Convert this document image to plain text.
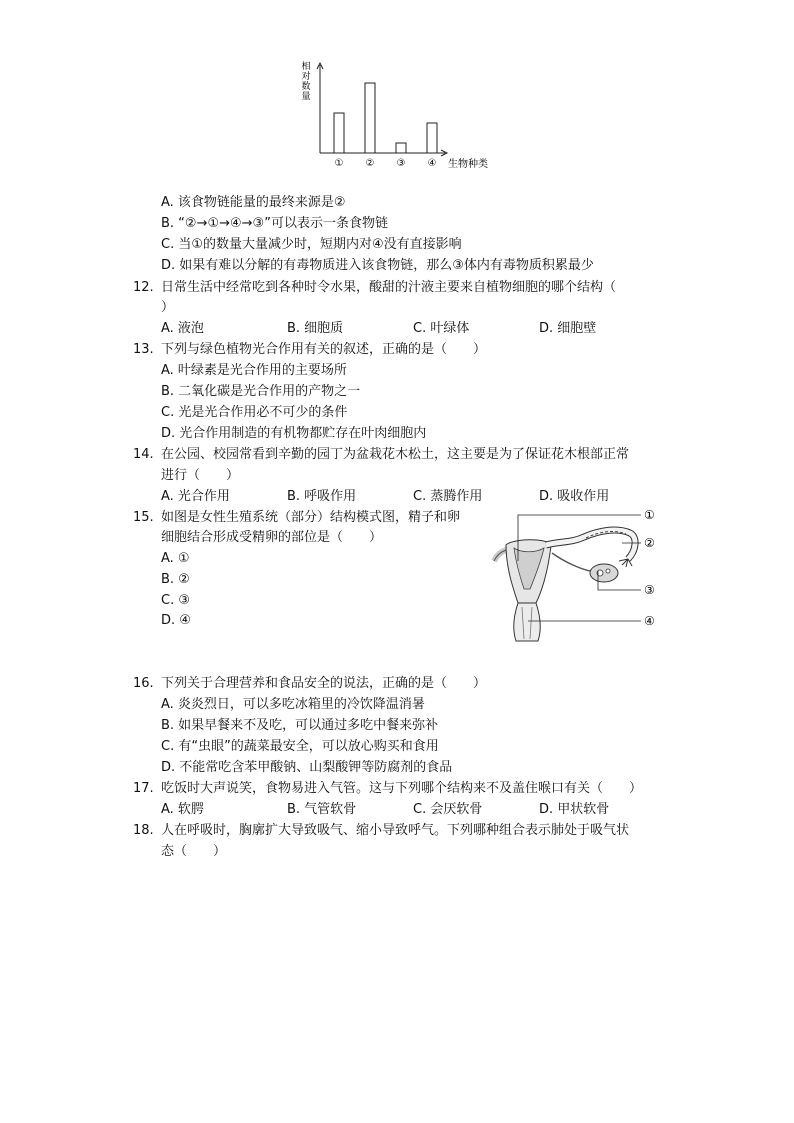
相
对
数
量
生物种类
① ② ③ ④
A. 该食物链能量的最终来源是②
B. “②→①→④→③”可以表示一条食物链
C. 当①的数量大量减少时，短期内对④没有直接影响
D. 如果有难以分解的有毒物质进入该食物链，那么③体内有毒物质积累最少
12. 日常生活中经常吃到各种时令水果，酸甜的汁液主要来自植物细胞的哪个结构（
）
A. 液泡	B. 细胞质	C. 叶绿体	D. 细胞壁
13. 下列与绿色植物光合作用有关的叙述，正确的是（　　）
A. 叶绿素是光合作用的主要场所
B. 二氧化碳是光合作用的产物之一
C. 光是光合作用必不可少的条件
D. 光合作用制造的有机物都贮存在叶肉细胞内
14. 在公园、校园常看到辛勤的园丁为盆栽花木松土，这主要是为了保证花木根部正常
进行（　　）
A. 光合作用	B. 呼吸作用	C. 蒸腾作用	D. 吸收作用
15. 如图是女性生殖系统（部分）结构模式图，精子和卵
细胞结合形成受精卵的部位是（　　）
A. ①
B. ②
C. ③
D. ④
①
②
③
④
16. 下列关于合理营养和食品安全的说法，正确的是（　　）
A. 炎炎烈日，可以多吃冰箱里的冷饮降温消暑
B. 如果早餐来不及吃，可以通过多吃中餐来弥补
C. 有“虫眼”的蔬菜最安全，可以放心购买和食用
D. 不能常吃含苯甲酸钠、山梨酸钾等防腐剂的食品
17. 吃饭时大声说笑，食物易进入气管。这与下列哪个结构来不及盖住喉口有关（　　）
A. 软腭	B. 气管软骨	C. 会厌软骨	D. 甲状软骨
18. 人在呼吸时，胸廓扩大导致吸气、缩小导致呼气。下列哪种组合表示肺处于吸气状
态（　　）
